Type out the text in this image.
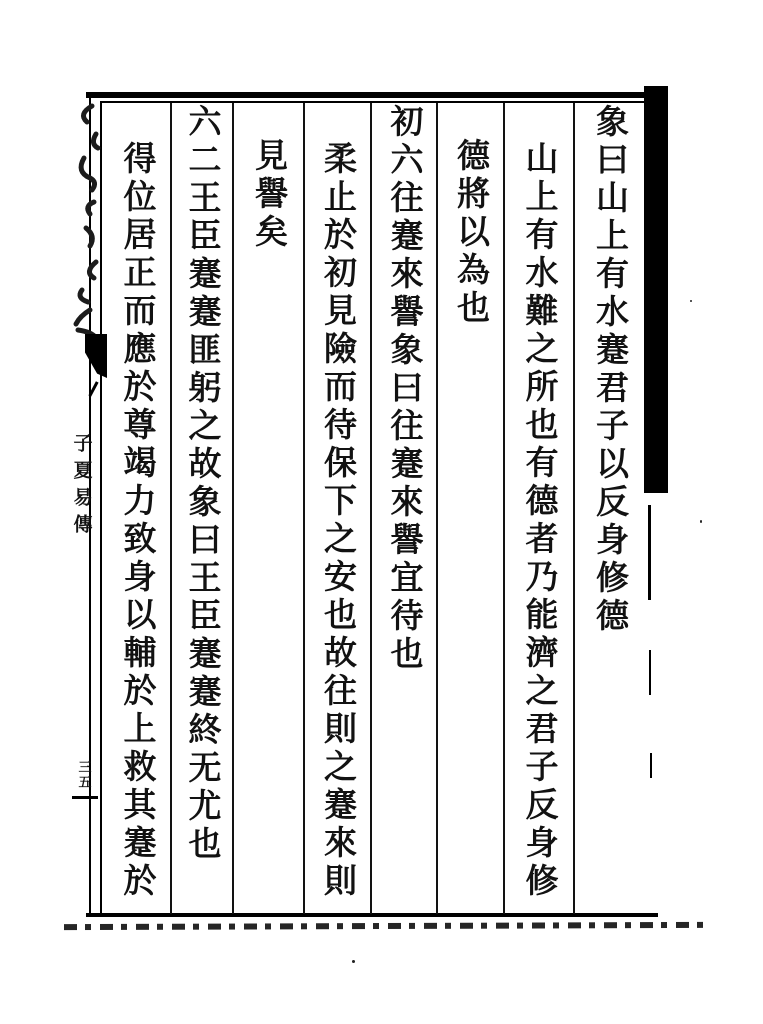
象曰山上有水蹇君子以反身修德
山上有水難之所也有德者乃能濟之君子反身修
德將以為也
初六往蹇來譽象曰往蹇來譽宜待也
柔止於初見險而待保下之安也故往則之蹇來則
見譽矣
六二王臣蹇蹇匪躬之故象曰王臣蹇蹇終无尤也
得位居正而應於尊竭力致身以輔於上救其蹇於
子夏易傳
三五
